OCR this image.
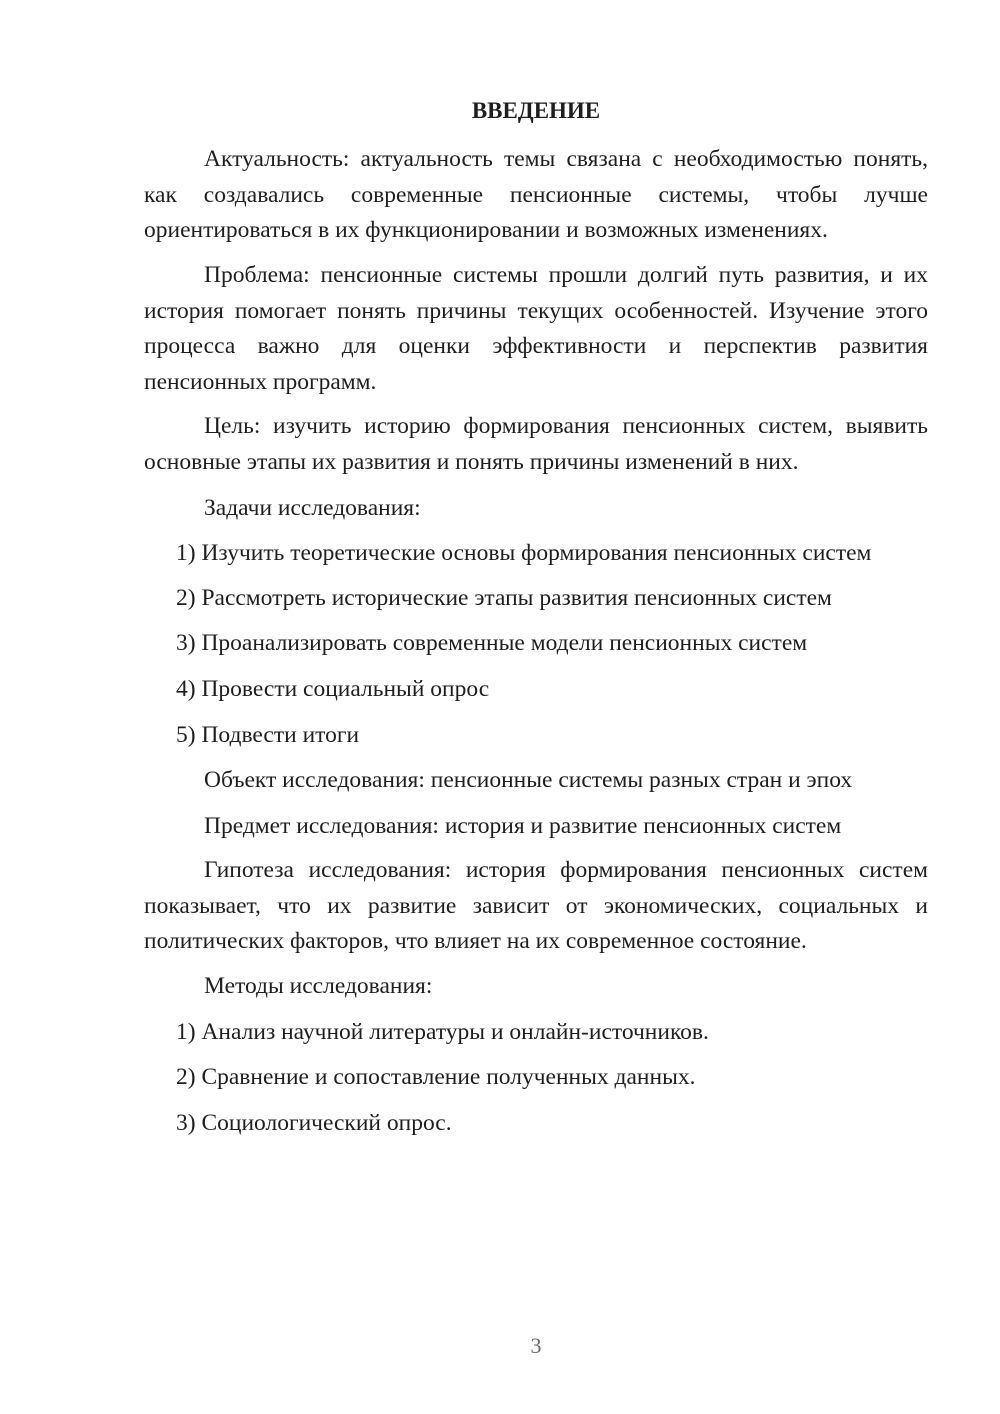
ВВЕДЕНИЕ

Актуальность: актуальность темы связана с необходимостью понять, как создавались современные пенсионные системы, чтобы лучше ориентироваться в их функционировании и возможных изменениях.

Проблема: пенсионные системы прошли долгий путь развития, и их история помогает понять причины текущих особенностей. Изучение этого процесса важно для оценки эффективности и перспектив развития пенсионных программ.

Цель: изучить историю формирования пенсионных систем, выявить основные этапы их развития и понять причины изменений в них.

Задачи исследования:

1) Изучить теоретические основы формирования пенсионных систем

2) Рассмотреть исторические этапы развития пенсионных систем

3) Проанализировать современные модели пенсионных систем

4) Провести социальный опрос

5) Подвести итоги

Объект исследования: пенсионные системы разных стран и эпох

Предмет исследования: история и развитие пенсионных систем

Гипотеза исследования: история формирования пенсионных систем показывает, что их развитие зависит от экономических, социальных и политических факторов, что влияет на их современное состояние.

Методы исследования:

1) Анализ научной литературы и онлайн-источников.

2) Сравнение и сопоставление полученных данных.

3) Социологический опрос.

3
